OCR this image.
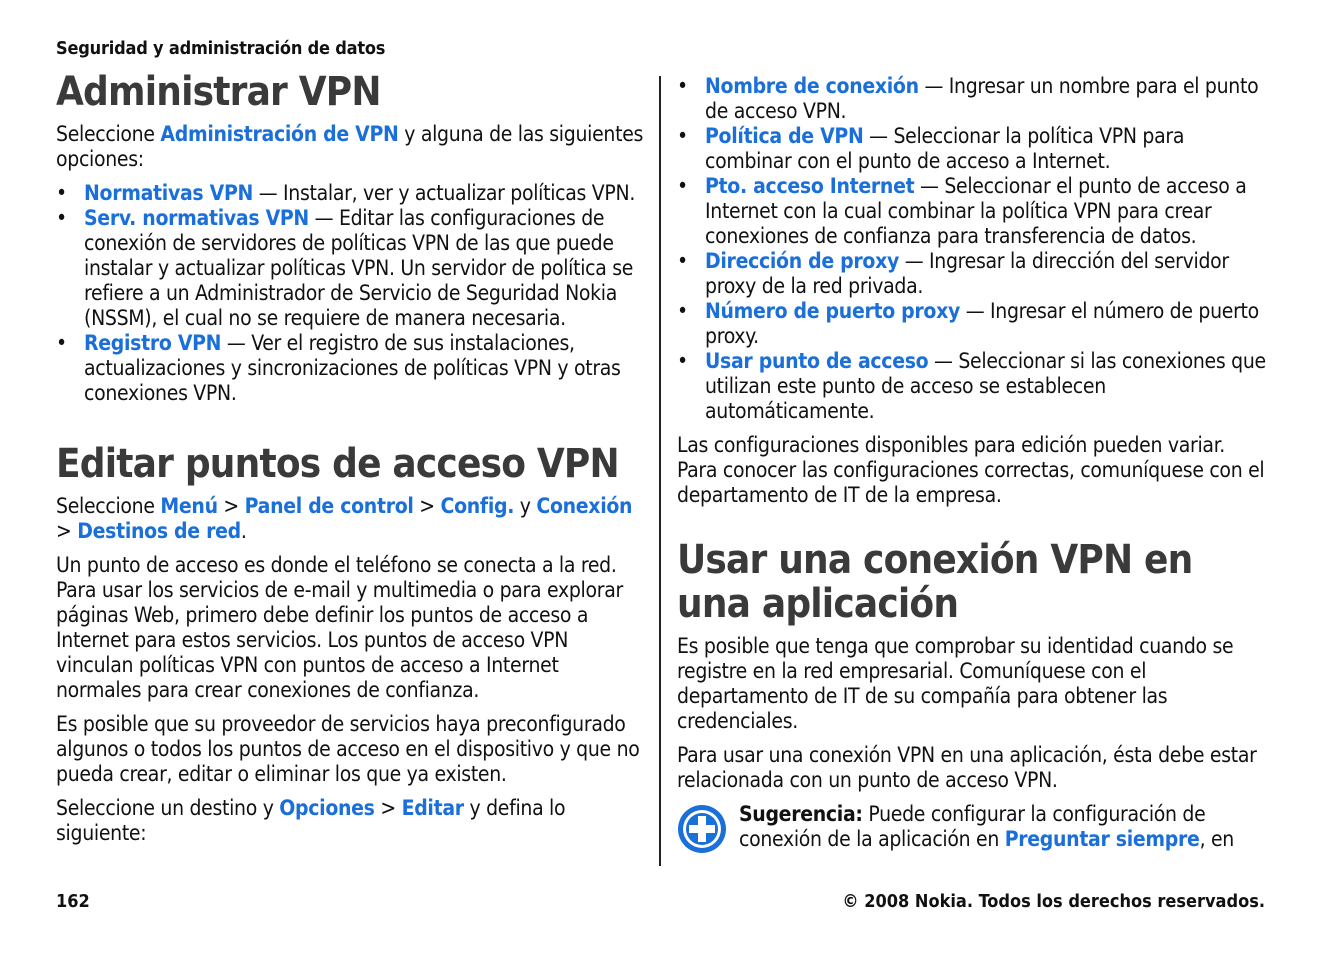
Seguridad y administración de datos
Administrar VPN

Seleccione Administración de VPN y alguna de las siguientes opciones:

• Normativas VPN — Instalar, ver y actualizar políticas VPN.
• Serv. normativas VPN — Editar las configuraciones de conexión de servidores de políticas VPN de las que puede instalar y actualizar políticas VPN. Un servidor de política se refiere a un Administrador de Servicio de Seguridad Nokia (NSSM), el cual no se requiere de manera necesaria.
• Registro VPN — Ver el registro de sus instalaciones, actualizaciones y sincronizaciones de políticas VPN y otras conexiones VPN.
Editar puntos de acceso VPN

Seleccione Menú > Panel de control > Config. y Conexión > Destinos de red.

Un punto de acceso es donde el teléfono se conecta a la red. Para usar los servicios de e-mail y multimedia o para explorar páginas Web, primero debe definir los puntos de acceso a Internet para estos servicios. Los puntos de acceso VPN vinculan políticas VPN con puntos de acceso a Internet normales para crear conexiones de confianza.

Es posible que su proveedor de servicios haya preconfigurado algunos o todos los puntos de acceso en el dispositivo y que no pueda crear, editar o eliminar los que ya existen.

Seleccione un destino y Opciones > Editar y defina lo siguiente:

• Nombre de conexión — Ingresar un nombre para el punto de acceso VPN.
• Política de VPN — Seleccionar la política VPN para combinar con el punto de acceso a Internet.
• Pto. acceso Internet — Seleccionar el punto de acceso a Internet con la cual combinar la política VPN para crear conexiones de confianza para transferencia de datos.
• Dirección de proxy — Ingresar la dirección del servidor proxy de la red privada.
• Número de puerto proxy — Ingresar el número de puerto proxy.
• Usar punto de acceso — Seleccionar si las conexiones que utilizan este punto de acceso se establecen automáticamente.

Las configuraciones disponibles para edición pueden variar. Para conocer las configuraciones correctas, comuníquese con el departamento de IT de la empresa.

Usar una conexión VPN en una aplicación

Es posible que tenga que comprobar su identidad cuando se registre en la red empresarial. Comuníquese con el departamento de IT de su compañía para obtener las credenciales.

Para usar una conexión VPN en una aplicación, ésta debe estar relacionada con un punto de acceso VPN.

Sugerencia: Puede configurar la configuración de conexión de la aplicación en Preguntar siempre, en

162	© 2008 Nokia. Todos los derechos reservados.
